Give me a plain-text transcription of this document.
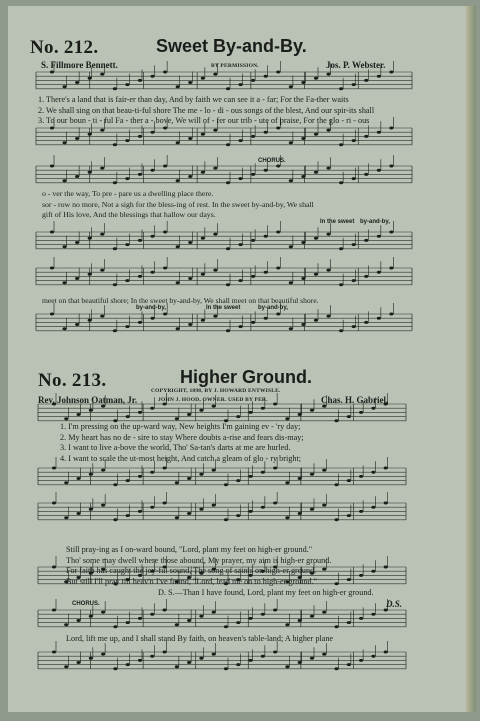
No. 212.	Sweet By-and-By.
S. Fillmore Bennett.	BY PERMISSION.	Jos. P. Webster.
1. There's a land that is fair-er than day, And by faith we can see it a - far; For the Fa-ther waits
2. We shall sing on that beau-ti-ful shore The me - lo - di - ous songs of the blest, And our spir-its shall
3. To our boun - ti - ful Fa - ther a - bove, We will of - fer our trib - ute of praise, For the glo - ri - ous
CHORUS.
o - ver the way, To pre - pare us a dwelling place there.
sor - row no more, Not a sigh for the bless-ing of rest. In the sweet by-and-by, We shall
gift of His love, And the blessings that hallow our days.
In the sweet by-and-by,
meet on that beautiful shore; In the sweet by-and-by, We shall meet on that beautiful shore.
by-and-by,	In the sweet	by-and-by,
No. 213.	Higher Ground.
COPYRIGHT, 1898, BY J. HOWARD ENTWISLE.
JOHN J. HOOD, OWNER. USED BY PER.
Rev. Johnson Oatman, Jr.	Chas. H. Gabriel.
1. I'm pressing on the up-ward way, New heights I'm gaining ev - 'ry day;
2. My heart has no de - sire to stay Where doubts a-rise and fears dis-may;
3. I want to live a-bove the world, Tho' Sa-tan's darts at me are hurled.
4. I want to scale the ut-most height, And catch a gleam of glo - ry bright;
Still pray-ing as I on-ward bound, "Lord, plant my feet on high-er ground."
Tho' some may dwell where those abound, My prayer, my aim is high-er ground.
For faith has caught the joy-ful sound, The song of saints on high-er ground.
But still I'll pray till heav'n I've found, "Lord, lead me on to high-er ground."
D. S.—Than I have found, Lord, plant my feet on high-er ground.
CHORUS.	D.S.
Lord, lift me up, and I shall stand By faith, on heaven's table-land; A higher plane
